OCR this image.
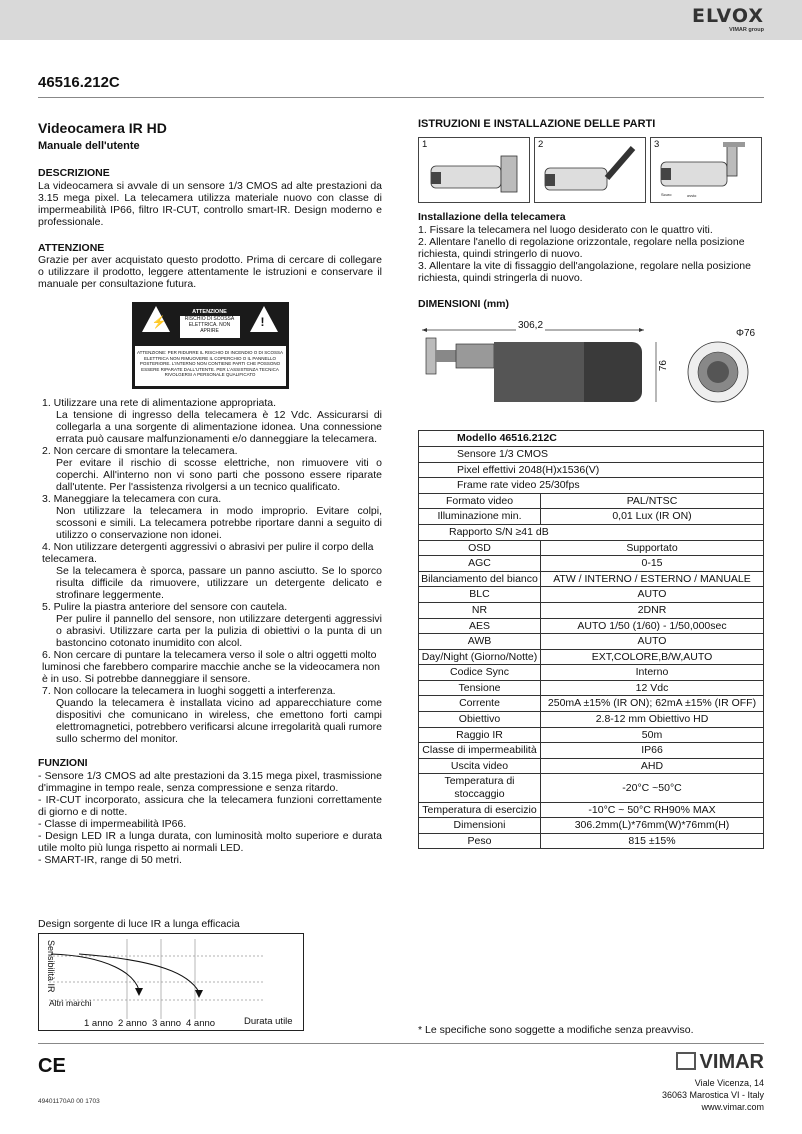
ELVOX
VIMAR group
46516.212C
Videocamera IR HD
Manuale dell'utente
DESCRIZIONE

La videocamera si avvale di un sensore 1/3 CMOS ad alte prestazioni da 3.15 mega pixel. La telecamera utilizza materiale nuovo con classe di impermeabilità IP66, filtro IR-CUT, controllo smart-IR. Design moderno e professionale.

ATTENZIONE

Grazie per aver acquistato questo prodotto. Prima di cercare di collegare o utilizzare il prodotto, leggere attentamente le istruzioni e conservare il manuale per consultazione futura.

⚡
ATTENZIONE
RISCHIO DI SCOSSA ELETTRICA. NON APRIRE
!
ATTENZIONE: PER RIDURRE IL RISCHIO DI INCENDIO O DI SCOSSA ELETTRICA NON RIMUOVERE IL COPERCHIO O IL PANNELLO POSTERIORE. L'INTERNO NON CONTIENE PARTI CHE POSSONO ESSERE RIPARATE DALL'UTENTE. PER L'ASSISTENZA TECNICA RIVOLGERSI A PERSONALE QUALIFICATO
1. Utilizzare una rete di alimentazione appropriata.
La tensione di ingresso della telecamera è 12 Vdc. Assicurarsi di collegarla a una sorgente di alimentazione idonea. Una connessione errata può causare malfunzionamenti e/o danneggiare la telecamera.
2. Non cercare di smontare la telecamera.
Per evitare il rischio di scosse elettriche, non rimuovere viti o coperchi. All'interno non vi sono parti che possono essere riparate dall'utente. Per l'assistenza rivolgersi a un tecnico qualificato.
3. Maneggiare la telecamera con cura.
Non utilizzare la telecamera in modo improprio. Evitare colpi, scossoni e simili. La telecamera potrebbe riportare danni a seguito di utilizzo o conservazione non idonei.
4. Non utilizzare detergenti aggressivi o abrasivi per pulire il corpo della telecamera.
Se la telecamera è sporca, passare un panno asciutto. Se lo sporco risulta difficile da rimuovere, utilizzare un detergente delicato e strofinare leggermente.
5. Pulire la piastra anteriore del sensore con cautela.
Per pulire il pannello del sensore, non utilizzare detergenti aggressivi o abrasivi. Utilizzare carta per la pulizia di obiettivi o la punta di un bastoncino cotonato inumidito con alcol.
6. Non cercare di puntare la telecamera verso il sole o altri oggetti molto luminosi che farebbero comparire macchie anche se la videocamera non è in uso. Si potrebbe danneggiare il sensore.
7. Non collocare la telecamera in luoghi soggetti a interferenza.
Quando la telecamera è installata vicino ad apparecchiature come dispositivi che comunicano in wireless, che emettono forti campi elettromagnetici, potrebbero verificarsi alcune irregolarità quali rumore sullo schermo del monitor.
FUNZIONI
- Sensore 1/3 CMOS ad alte prestazioni da 3.15 mega pixel, trasmissione d'immagine in tempo reale, senza compressione e senza ritardo.
- IR-CUT incorporato, assicura che la telecamera funzioni correttamente di giorno e di notte.
- Classe di impermeabilità IP66.
- Design LED IR a lunga durata, con luminosità molto superiore e durata utile molto più lunga rispetto ai normali LED.
- SMART-IR, range di 50 metri.
Design sorgente di luce IR a lunga efficacia
Sensibilità IR
Altri marchi
1 anno 2 anno 3 anno 4 anno	Durata utile
ISTRUZIONI E INSTALLAZIONE DELLE PARTI
1	2	3
Scuro	ovvio
Installazione della telecamera
1. Fissare la telecamera nel luogo desiderato con le quattro viti.
2. Allentare l'anello di regolazione orizzontale, regolare nella posizione richiesta, quindi stringerlo di nuovo.
3. Allentare la vite di fissaggio dell'angolazione, regolare nella posizione richiesta, quindi stringerla di nuovo.
DIMENSIONI (mm)
306,2
76
Φ76
Modello 46516.212C	
Sensore 1/3 CMOS	
Pixel effettivi 2048(H)x1536(V)	
Frame rate video 25/30fps	
Formato video	PAL/NTSC
Illuminazione min.	0,01 Lux (IR ON)
Rapporto S/N ≥41 dB	
OSD	Supportato
AGC	0-15
Bilanciamento del bianco	ATW / INTERNO / ESTERNO / MANUALE
BLC	AUTO
NR	2DNR
AES	AUTO 1/50 (1/60) - 1/50,000sec
AWB	AUTO
Day/Night (Giorno/Notte)	EXT,COLORE,B/W,AUTO
Codice Sync	Interno
Tensione	12 Vdc
Corrente	250mA ±15% (IR ON); 62mA ±15% (IR OFF)
Obiettivo	2.8-12 mm Obiettivo HD
Raggio IR	50m
Classe di impermeabilità	IP66
Uscita video	AHD
Temperatura di stoccaggio	-20°C ~50°C
Temperatura di esercizio	-10°C ~ 50°C RH90% MAX
Dimensioni	306.2mm(L)*76mm(W)*76mm(H)
Peso	815 ±15%
* Le specifiche sono soggette a modifiche senza preavviso.
CE
49401170A0 00 1703
VIMAR
Viale Vicenza, 14
36063 Marostica VI - Italy
www.vimar.com
